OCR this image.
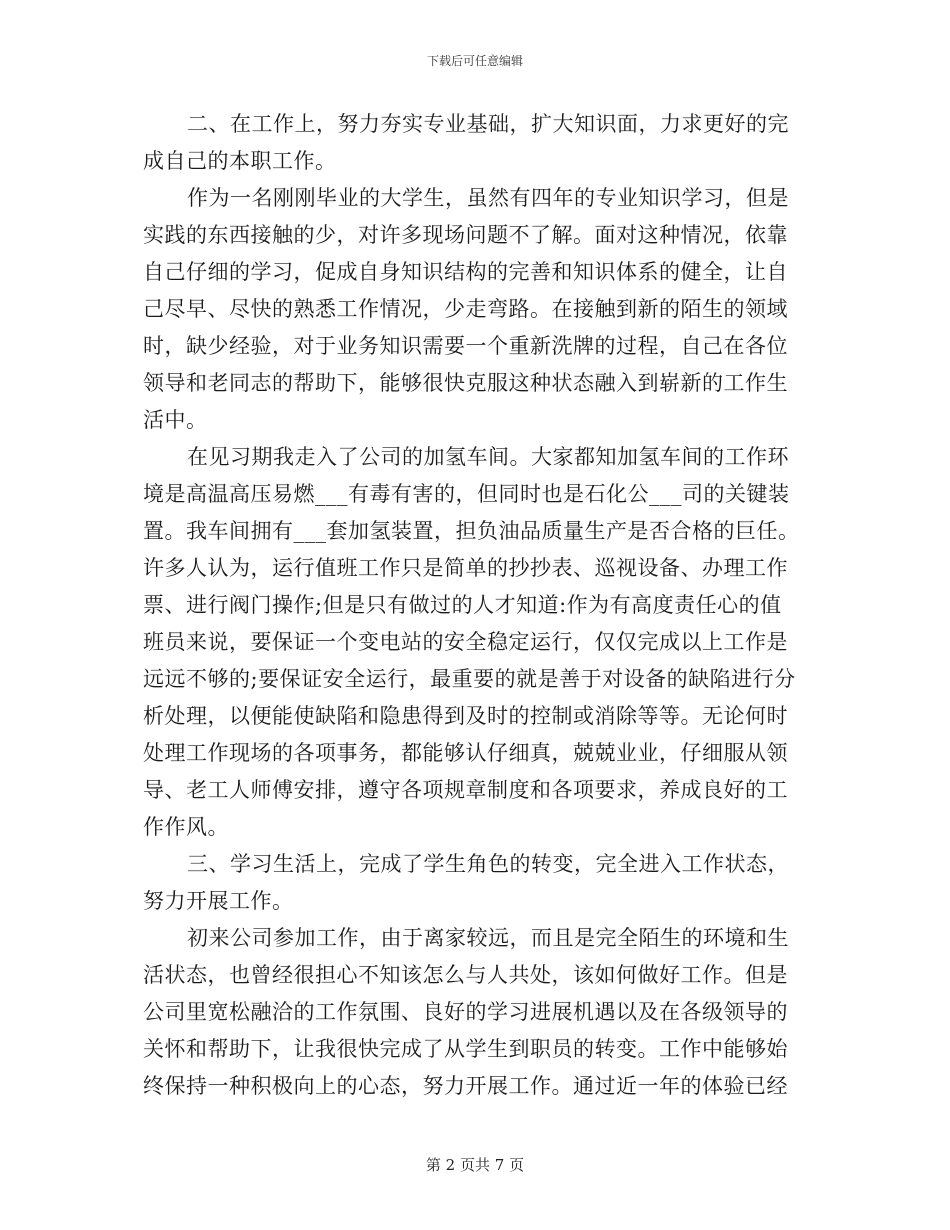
下载后可任意编辑
二、在工作上，努力夯实专业基础，扩大知识面，力求更好的完
成自己的本职工作。
作为一名刚刚毕业的大学生，虽然有四年的专业知识学习，但是
实践的东西接触的少，对许多现场问题不了解。面对这种情况，依靠
自己仔细的学习，促成自身知识结构的完善和知识体系的健全，让自
己尽早、尽快的熟悉工作情况，少走弯路。在接触到新的陌生的领域
时，缺少经验，对于业务知识需要一个重新洗牌的过程，自己在各位
领导和老同志的帮助下，能够很快克服这种状态融入到崭新的工作生
活中。
在见习期我走入了公司的加氢车间。大家都知加氢车间的工作环
境是高温高压易燃___有毒有害的，但同时也是石化公___司的关键装
置。我车间拥有___套加氢装置，担负油品质量生产是否合格的巨任。
许多人认为，运行值班工作只是简单的抄抄表、巡视设备、办理工作
票、进行阀门操作;但是只有做过的人才知道:作为有高度责任心的值
班员来说，要保证一个变电站的安全稳定运行，仅仅完成以上工作是
远远不够的;要保证安全运行，最重要的就是善于对设备的缺陷进行分
析处理，以便能使缺陷和隐患得到及时的控制或消除等等。无论何时
处理工作现场的各项事务，都能够认仔细真，兢兢业业，仔细服从领
导、老工人师傅安排，遵守各项规章制度和各项要求，养成良好的工
作作风。
三、学习生活上，完成了学生角色的转变，完全进入工作状态，
努力开展工作。
初来公司参加工作，由于离家较远，而且是完全陌生的环境和生
活状态，也曾经很担心不知该怎么与人共处，该如何做好工作。但是
公司里宽松融洽的工作氛围、良好的学习进展机遇以及在各级领导的
关怀和帮助下，让我很快完成了从学生到职员的转变。工作中能够始
终保持一种积极向上的心态，努力开展工作。通过近一年的体验已经
第 2 页共 7 页
